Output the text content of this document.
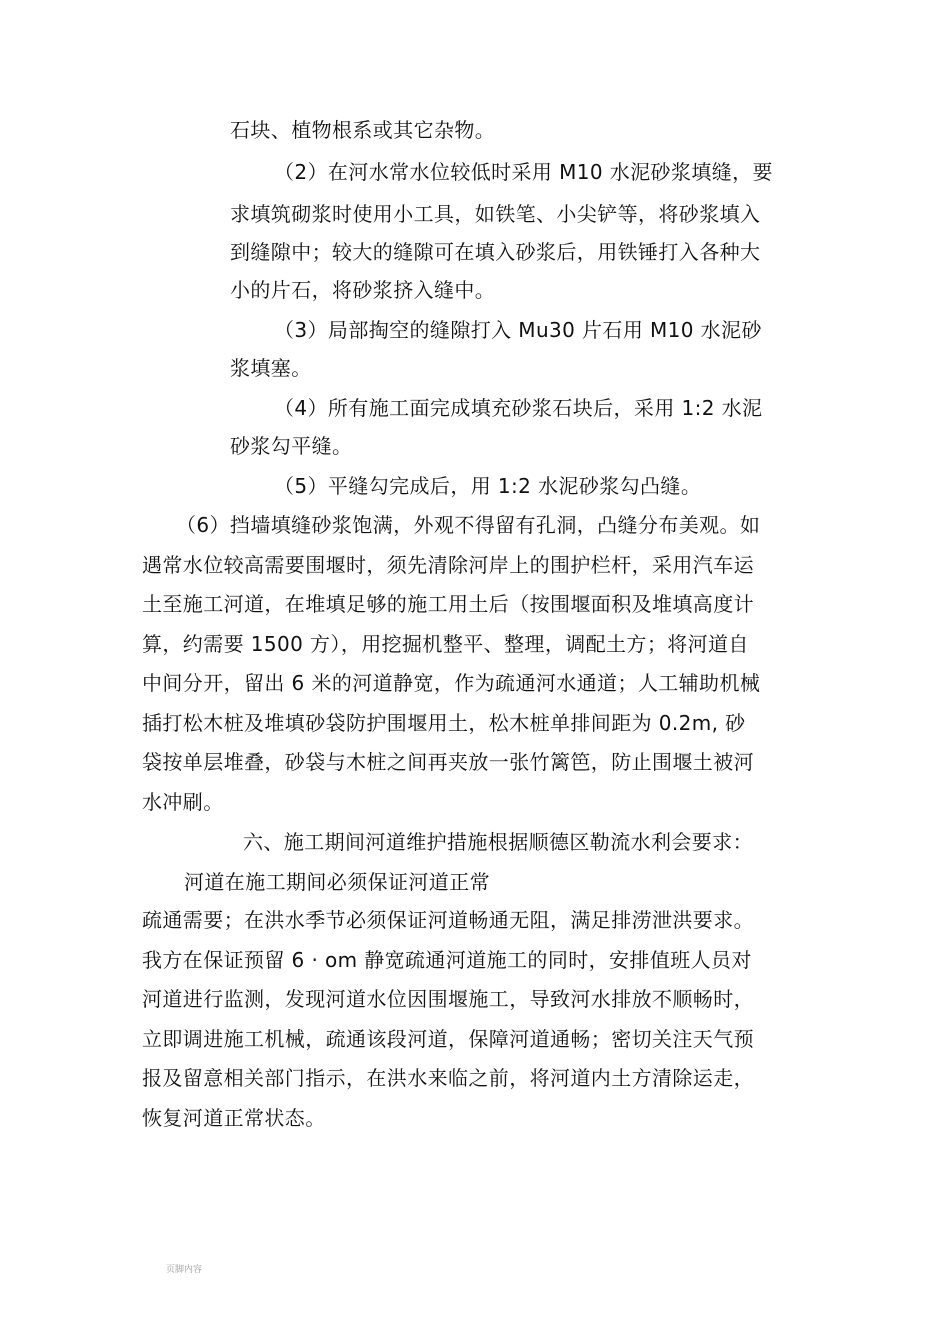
石块、植物根系或其它杂物。
（2）在河水常水位较低时采用 M10 水泥砂浆填缝，要
求填筑砌浆时使用小工具，如铁笔、小尖铲等，将砂浆填入
到缝隙中；较大的缝隙可在填入砂浆后，用铁锤打入各种大
小的片石，将砂浆挤入缝中。
（3）局部掏空的缝隙打入 Mu30 片石用 M10 水泥砂
浆填塞。
（4）所有施工面完成填充砂浆石块后，采用 1:2 水泥
砂浆勾平缝。
（5）平缝勾完成后，用 1:2 水泥砂浆勾凸缝。
（6）挡墙填缝砂浆饱满，外观不得留有孔洞，凸缝分布美观。如
遇常水位较高需要围堰时，须先清除河岸上的围护栏杆，采用汽车运
土至施工河道，在堆填足够的施工用土后（按围堰面积及堆填高度计
算，约需要 1500 方），用挖掘机整平、整理，调配土方；将河道自
中间分开，留出 6 米的河道静宽，作为疏通河水通道；人工辅助机械
插打松木桩及堆填砂袋防护围堰用土，松木桩单排间距为 0.2m, 砂
袋按单层堆叠，砂袋与木桩之间再夹放一张竹篱笆，防止围堰土被河
水冲刷。
六、施工期间河道维护措施根据顺德区勒流水利会要求：
河道在施工期间必须保证河道正常
疏通需要；在洪水季节必须保证河道畅通无阻，满足排涝泄洪要求。
我方在保证预留 6 · om 静宽疏通河道施工的同时，安排值班人员对
河道进行监测，发现河道水位因围堰施工，导致河水排放不顺畅时，
立即调进施工机械，疏通该段河道，保障河道通畅；密切关注天气预
报及留意相关部门指示，在洪水来临之前，将河道内土方清除运走，
恢复河道正常状态。
页脚内容
